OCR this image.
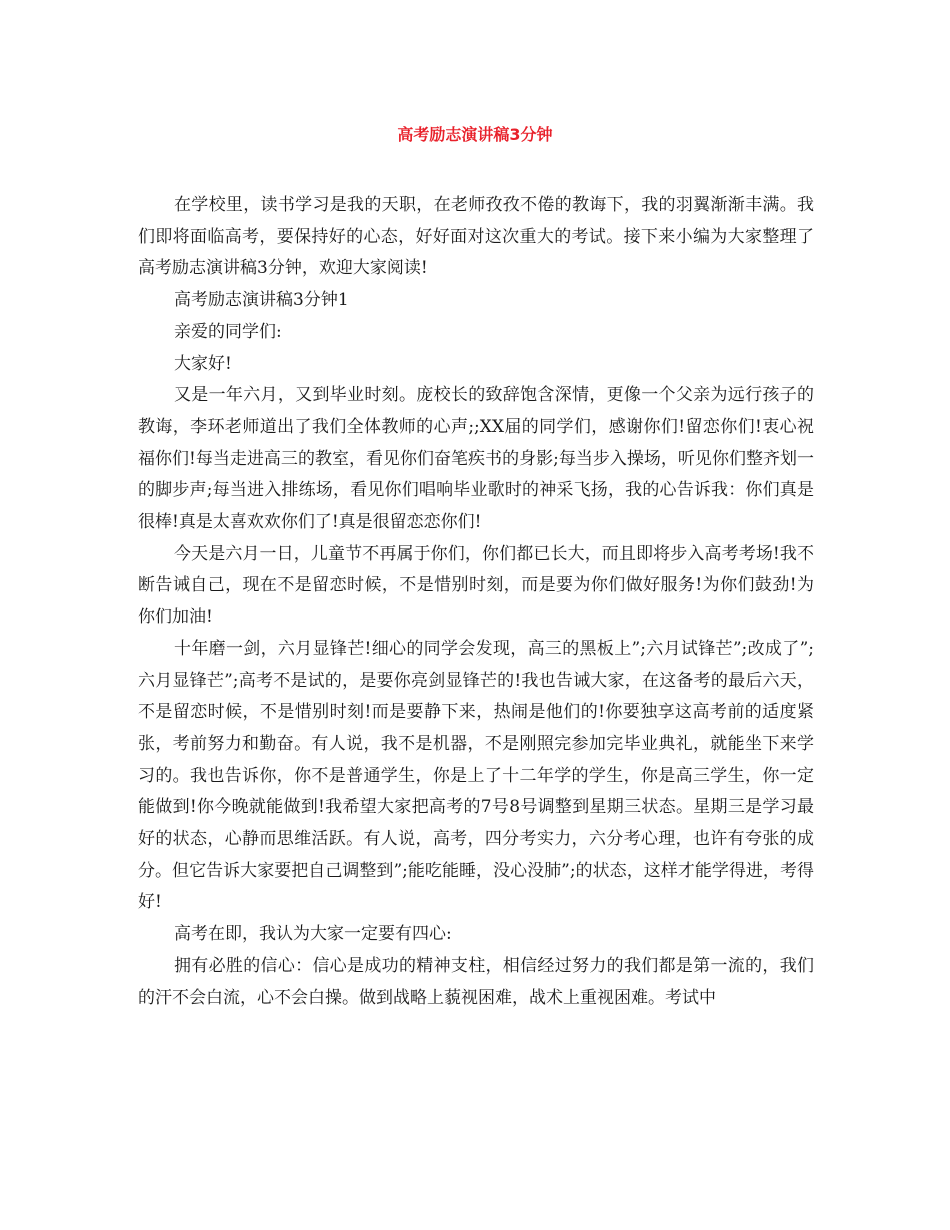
高考励志演讲稿3分钟

在学校里，读书学习是我的天职，在老师孜孜不倦的教诲下，我的羽翼渐渐丰满。我们即将面临高考，要保持好的心态，好好面对这次重大的考试。接下来小编为大家整理了高考励志演讲稿3分钟，欢迎大家阅读!

高考励志演讲稿3分钟1

亲爱的同学们:

大家好!

又是一年六月，又到毕业时刻。庞校长的致辞饱含深情，更像一个父亲为远行孩子的教诲，李环老师道出了我们全体教师的心声;;XX届的同学们，感谢你们!留恋你们!衷心祝福你们!每当走进高三的教室，看见你们奋笔疾书的身影;每当步入操场，听见你们整齐划一的脚步声;每当进入排练场，看见你们唱响毕业歌时的神采飞扬，我的心告诉我：你们真是很棒!真是太喜欢欢你们了!真是很留恋恋你们!

今天是六月一日，儿童节不再属于你们，你们都已长大，而且即将步入高考考场!我不断告诫自己，现在不是留恋时候，不是惜别时刻，而是要为你们做好服务!为你们鼓劲!为你们加油!

十年磨一剑，六月显锋芒!细心的同学会发现，高三的黑板上”;六月试锋芒”;改成了”;六月显锋芒”;高考不是试的，是要你亮剑显锋芒的!我也告诫大家，在这备考的最后六天，不是留恋时候，不是惜别时刻!而是要静下来，热闹是他们的!你要独享这高考前的适度紧张，考前努力和勤奋。有人说，我不是机器，不是刚照完参加完毕业典礼，就能坐下来学习的。我也告诉你，你不是普通学生，你是上了十二年学的学生，你是高三学生，你一定能做到!你今晚就能做到!我希望大家把高考的7号8号调整到星期三状态。星期三是学习最好的状态，心静而思维活跃。有人说，高考，四分考实力，六分考心理，也许有夸张的成分。但它告诉大家要把自己调整到”;能吃能睡，没心没肺”;的状态，这样才能学得进，考得好!

高考在即，我认为大家一定要有四心:

拥有必胜的信心：信心是成功的精神支柱，相信经过努力的我们都是第一流的，我们的汗不会白流，心不会白操。做到战略上藐视困难，战术上重视困难。考试中
